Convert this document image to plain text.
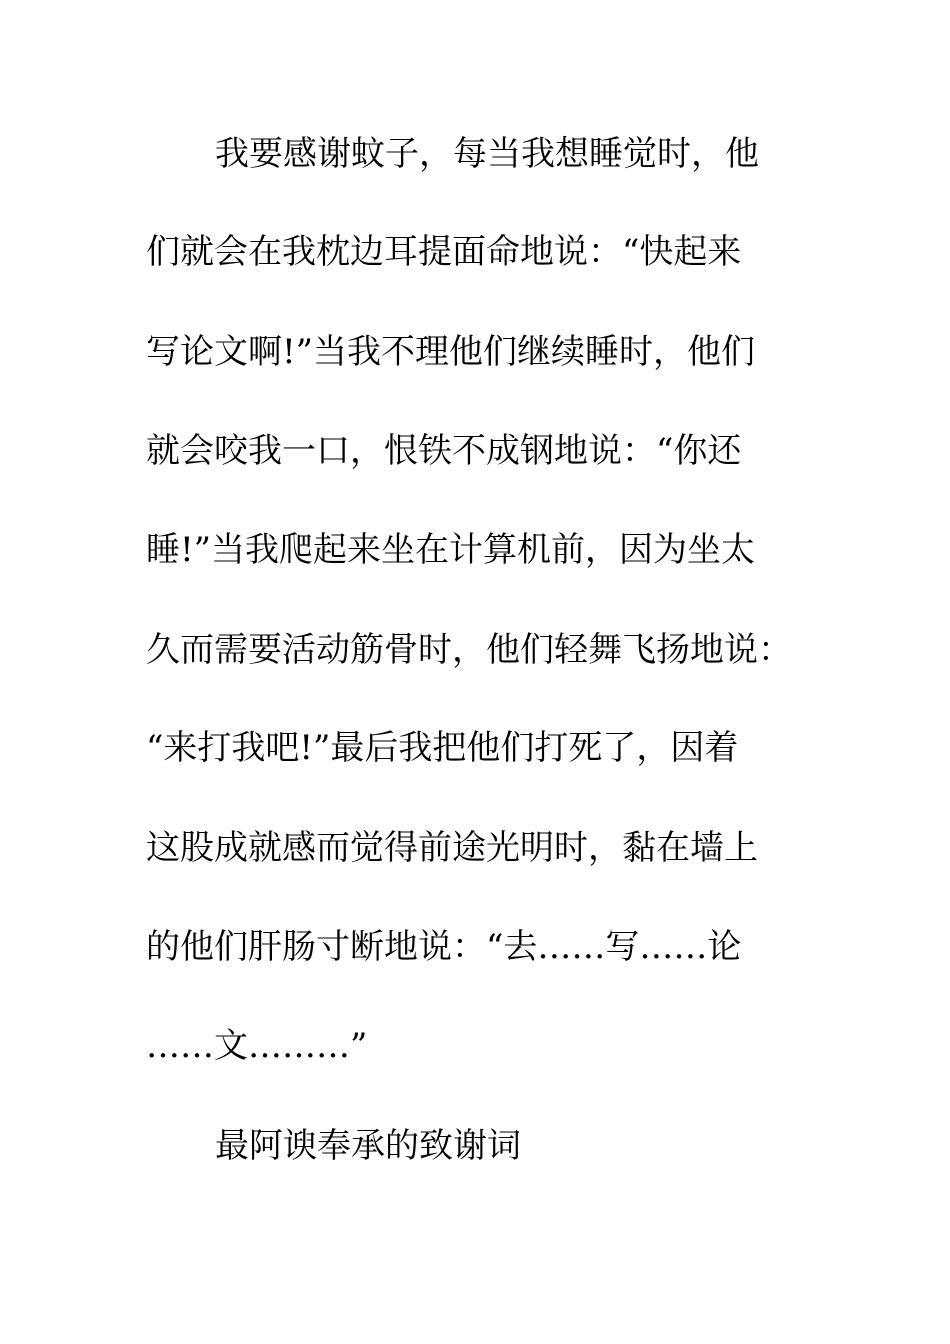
我要感谢蚊子，每当我想睡觉时，他
们就会在我枕边耳提面命地说：“快起来
写论文啊!”当我不理他们继续睡时，他们
就会咬我一口，恨铁不成钢地说：“你还
睡!”当我爬起来坐在计算机前，因为坐太
久而需要活动筋骨时，他们轻舞飞扬地说：
“来打我吧!”最后我把他们打死了，因着
这股成就感而觉得前途光明时，黏在墙上
的他们肝肠寸断地说：“去……写……论
……文………”
最阿谀奉承的致谢词
